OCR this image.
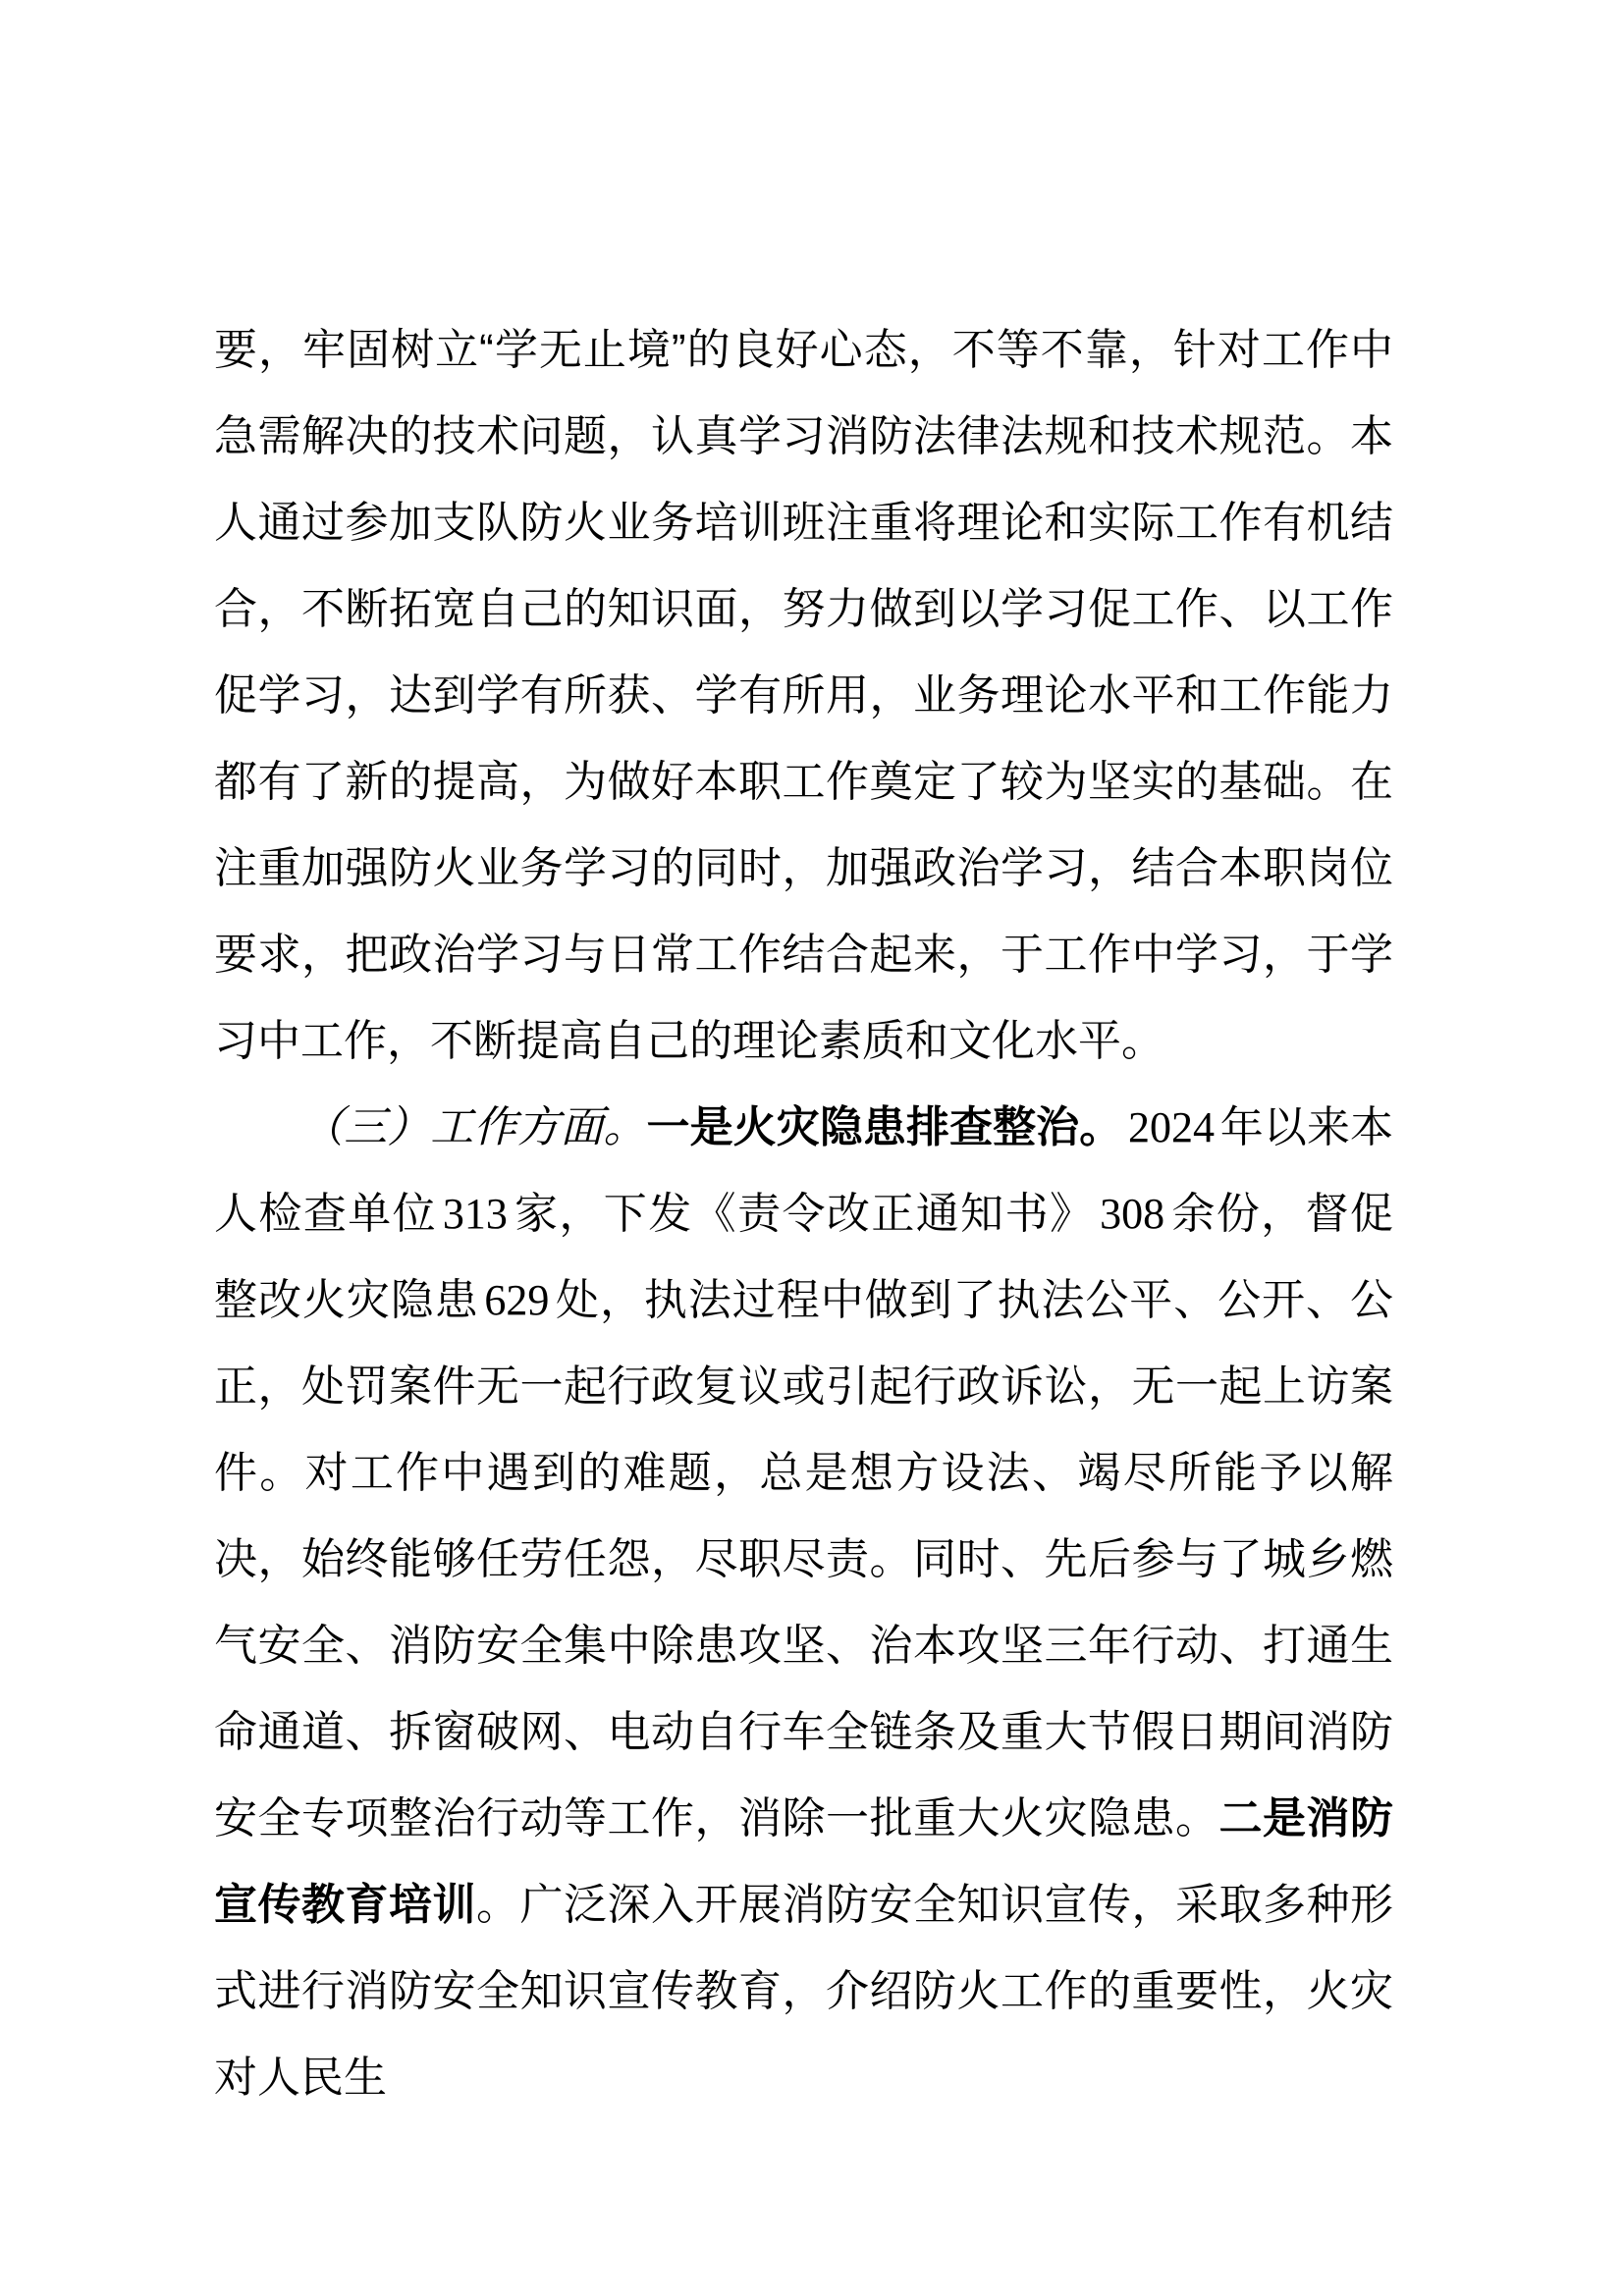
要，牢固树立“学无止境”的良好心态，不等不靠，针对工作中急需解决的技术问题，认真学习消防法律法规和技术规范。本人通过参加支队防火业务培训班注重将理论和实际工作有机结合，不断拓宽自己的知识面，努力做到以学习促工作、以工作促学习，达到学有所获、学有所用，业务理论水平和工作能力都有了新的提高，为做好本职工作奠定了较为坚实的基础。在注重加强防火业务学习的同时，加强政治学习，结合本职岗位要求，把政治学习与日常工作结合起来，于工作中学习，于学习中工作，不断提高自己的理论素质和文化水平。

（三）工作方面。一是火灾隐患排查整治。 2024 年以来本人检查单位 313 家，下发《责令改正通知书》 308 余份，督促整改火灾隐患 629 处，执法过程中做到了执法公平、公开、公正，处罚案件无一起行政复议或引起行政诉讼，无一起上访案件。对工作中遇到的难题，总是想方设法、竭尽所能予以解决，始终能够任劳任怨，尽职尽责。同时、先后参与了城乡燃气安全、消防安全集中除患攻坚、治本攻坚三年行动、打通生命通道、拆窗破网、电动自行车全链条及重大节假日期间消防安全专项整治行动等工作，消除一批重大火灾隐患。二是消防宣传教育培训。广泛深入开展消防安全知识宣传，采取多种形式进行消防安全知识宣传教育，介绍防火工作的重要性，火灾对人民生
